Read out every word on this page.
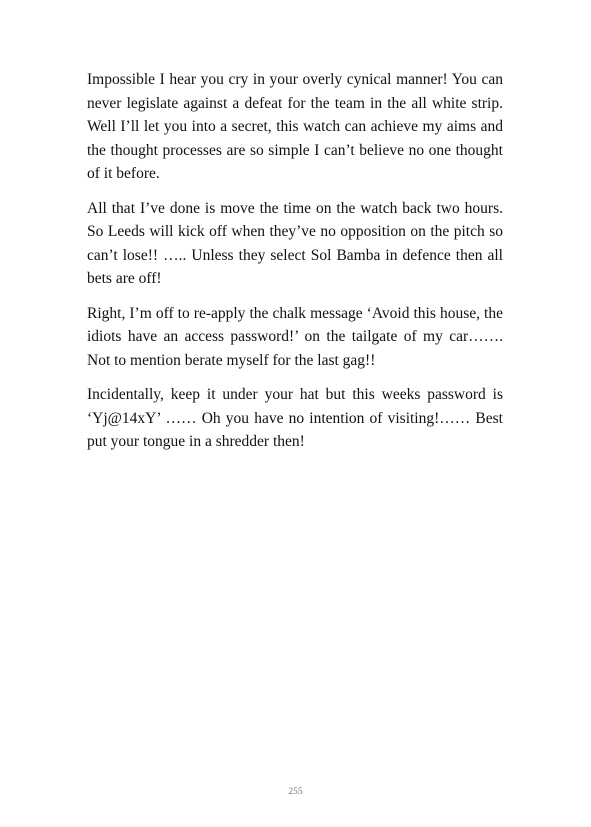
Impossible I hear you cry in your overly cynical manner! You can never legislate against a defeat for the team in the all white strip. Well I’ll let you into a secret, this watch can achieve my aims and the thought processes are so simple I can’t believe no one thought of it before.

All that I’ve done is move the time on the watch back two hours. So Leeds will kick off when they’ve no opposition on the pitch so can’t lose!! ….. Unless they select Sol Bamba in defence then all bets are off!

Right, I’m off to re-apply the chalk message ‘Avoid this house, the idiots have an access password!’ on the tailgate of my car……. Not to mention berate myself for the last gag!!

Incidentally, keep it under your hat but this weeks password is ‘Yj@14xY’ …… Oh you have no intention of visiting!…… Best put your tongue in a shredder then!

255
